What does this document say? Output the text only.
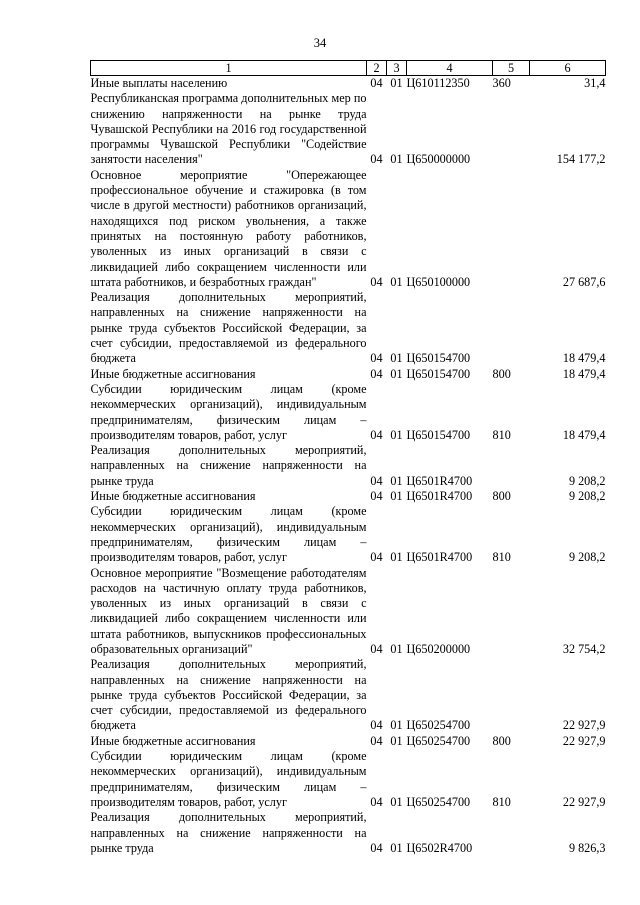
34
1	2	3	4	5	6
Иные выплаты населению	04	01	Ц610112350	360	31,4
Республиканская программа дополнительных мер по снижению напряженности на рынке труда Чувашской Республики на 2016 год государственной программы Чувашской Республики "Содействие занятости населения"	04	01	Ц650000000		154 177,2
Основное мероприятие "Опережающее профессиональное обучение и стажировка (в том числе в другой местности) работников организаций, находящихся под риском увольнения, а также принятых на постоянную работу работников, уволенных из иных организаций в связи с ликвидацией либо сокращением численности или штата работников, и безработных граждан"	04	01	Ц650100000		27 687,6
Реализация дополнительных мероприятий, направленных на снижение напряженности на рынке труда субъектов Российской Федерации, за счет субсидии, предоставляемой из федерального бюджета	04	01	Ц650154700		18 479,4
Иные бюджетные ассигнования	04	01	Ц650154700	800	18 479,4
Субсидии юридическим лицам (кроме некоммерческих организаций), индивидуальным предпринимателям, физическим лицам – производителям товаров, работ, услуг	04	01	Ц650154700	810	18 479,4
Реализация дополнительных мероприятий, направленных на снижение напряженности на рынке труда	04	01	Ц6501R4700		9 208,2
Иные бюджетные ассигнования	04	01	Ц6501R4700	800	9 208,2
Субсидии юридическим лицам (кроме некоммерческих организаций), индивидуальным предпринимателям, физическим лицам – производителям товаров, работ, услуг	04	01	Ц6501R4700	810	9 208,2
Основное мероприятие "Возмещение работодателям расходов на частичную оплату труда работников, уволенных из иных организаций в связи с ликвидацией либо сокращением численности или штата работников, выпускников профессиональных образовательных организаций"	04	01	Ц650200000		32 754,2
Реализация дополнительных мероприятий, направленных на снижение напряженности на рынке труда субъектов Российской Федерации, за счет субсидии, предоставляемой из федерального бюджета	04	01	Ц650254700		22 927,9
Иные бюджетные ассигнования	04	01	Ц650254700	800	22 927,9
Субсидии юридическим лицам (кроме некоммерческих организаций), индивидуальным предпринимателям, физическим лицам – производителям товаров, работ, услуг	04	01	Ц650254700	810	22 927,9
Реализация дополнительных мероприятий, направленных на снижение напряженности на рынке труда	04	01	Ц6502R4700		9 826,3
